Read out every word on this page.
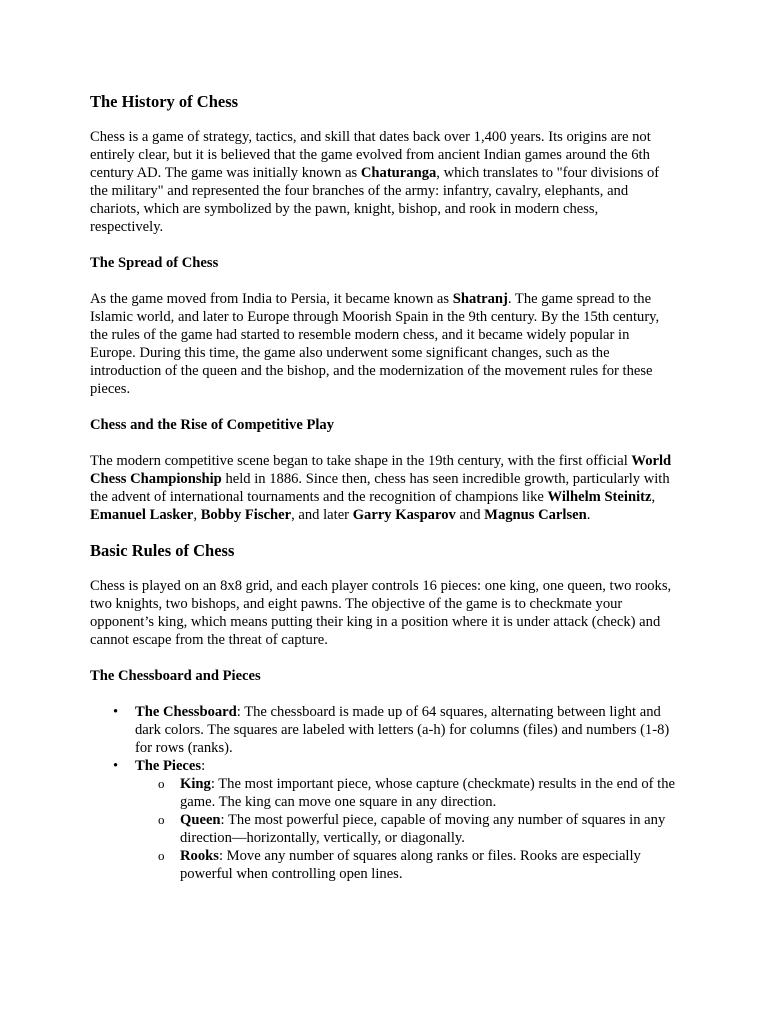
The History of Chess

Chess is a game of strategy, tactics, and skill that dates back over 1,400 years. Its origins are not entirely clear, but it is believed that the game evolved from ancient Indian games around the 6th century AD. The game was initially known as Chaturanga, which translates to "four divisions of the military" and represented the four branches of the army: infantry, cavalry, elephants, and chariots, which are symbolized by the pawn, knight, bishop, and rook in modern chess, respectively.

The Spread of Chess

As the game moved from India to Persia, it became known as Shatranj. The game spread to the Islamic world, and later to Europe through Moorish Spain in the 9th century. By the 15th century, the rules of the game had started to resemble modern chess, and it became widely popular in Europe. During this time, the game also underwent some significant changes, such as the introduction of the queen and the bishop, and the modernization of the movement rules for these pieces.

Chess and the Rise of Competitive Play

The modern competitive scene began to take shape in the 19th century, with the first official World Chess Championship held in 1886. Since then, chess has seen incredible growth, particularly with the advent of international tournaments and the recognition of champions like Wilhelm Steinitz, Emanuel Lasker, Bobby Fischer, and later Garry Kasparov and Magnus Carlsen.

Basic Rules of Chess

Chess is played on an 8x8 grid, and each player controls 16 pieces: one king, one queen, two rooks, two knights, two bishops, and eight pawns. The objective of the game is to checkmate your opponent’s king, which means putting their king in a position where it is under attack (check) and cannot escape from the threat of capture.

The Chessboard and Pieces
• The Chessboard: The chessboard is made up of 64 squares, alternating between light and dark colors. The squares are labeled with letters (a-h) for columns (files) and numbers (1-8) for rows (ranks).
• The Pieces:
o King: The most important piece, whose capture (checkmate) results in the end of the game. The king can move one square in any direction.
o Queen: The most powerful piece, capable of moving any number of squares in any direction—horizontally, vertically, or diagonally.
o Rooks: Move any number of squares along ranks or files. Rooks are especially powerful when controlling open lines.
